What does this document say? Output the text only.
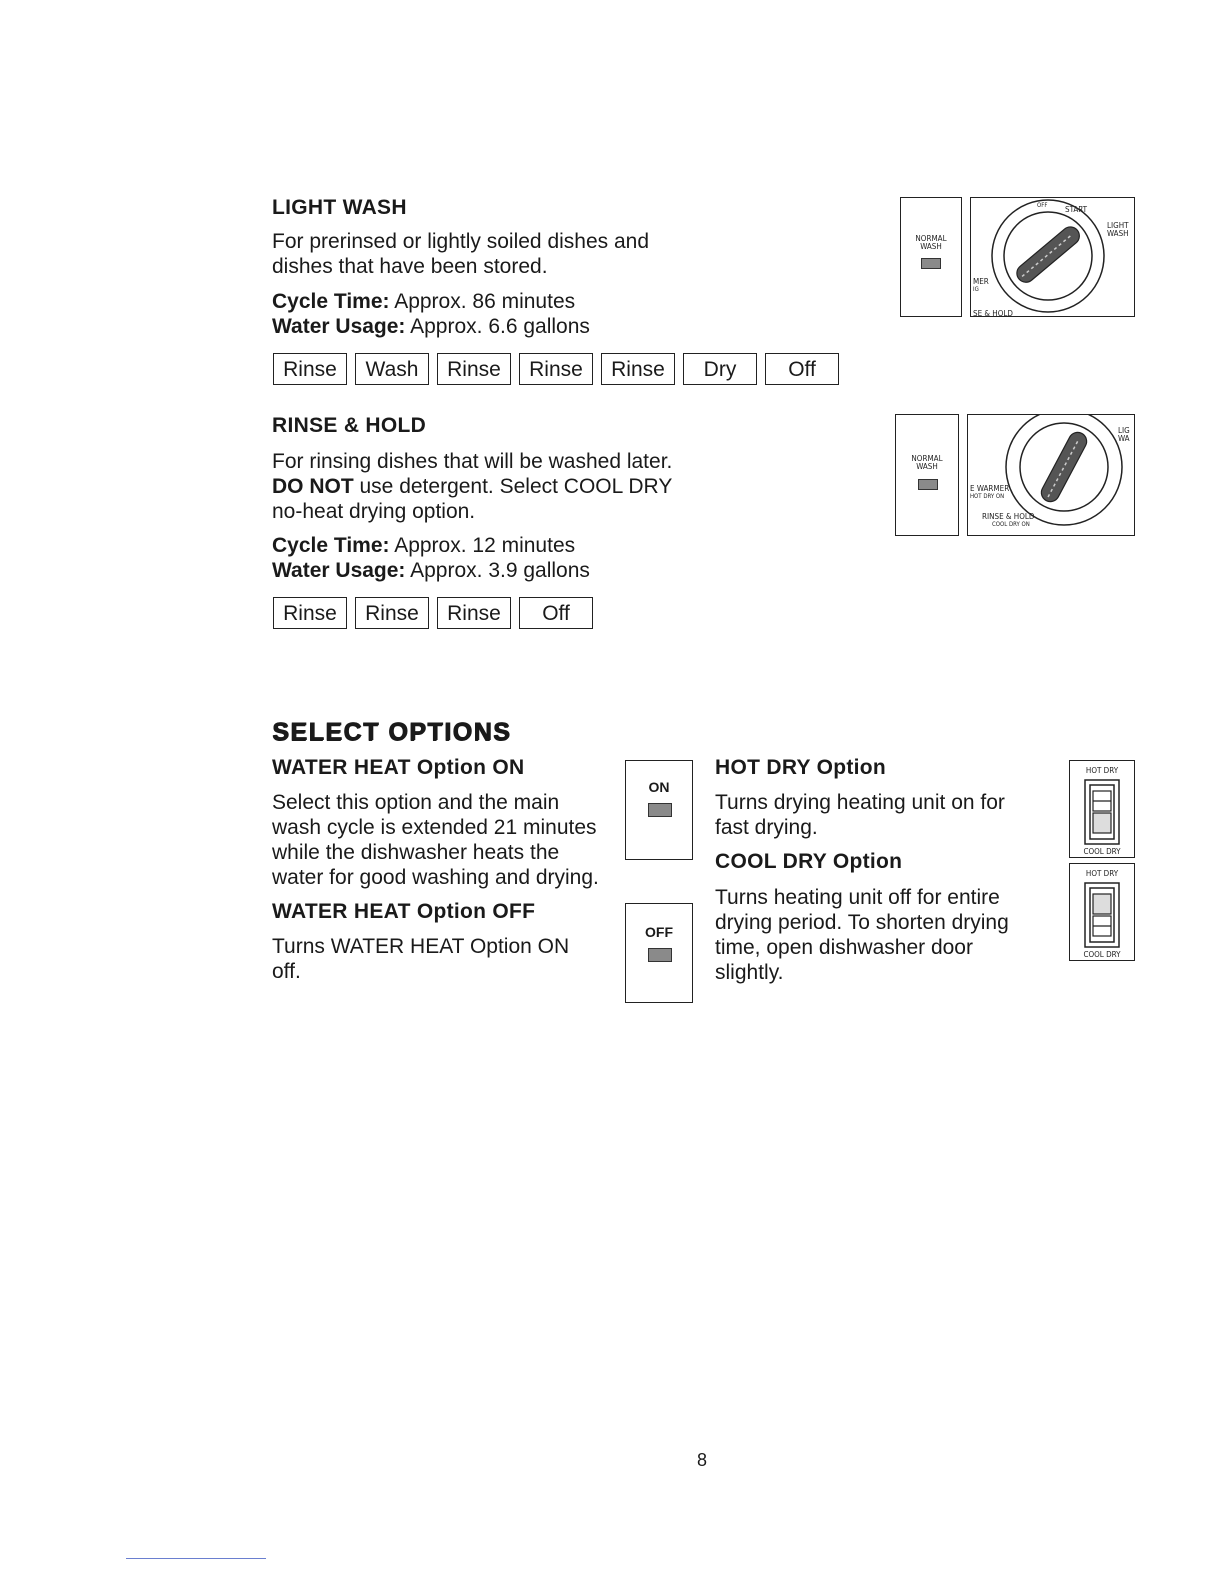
LIGHT WASH
For prerinsed or lightly soiled dishes and
dishes that have been stored.
Cycle Time: Approx. 86 minutes
Water Usage: Approx. 6.6 gallons
Rinse	Wash	Rinse	Rinse	Rinse	Dry	Off
NORMAL
WASH
OFF START
LIGHT
WASH
MER
IG
SE & HOLD
RINSE & HOLD
For rinsing dishes that will be washed later.
DO NOT use detergent. Select COOL DRY
no-heat drying option.
Cycle Time: Approx. 12 minutes
Water Usage: Approx. 3.9 gallons
Rinse	Rinse	Rinse	Off
NORMAL
WASH
LIG
WA
E WARMER
HOT DRY ON
RINSE & HOLD
COOL DRY ON
SELECT OPTIONS
WATER HEAT Option ON
Select this option and the main
wash cycle is extended 21 minutes
while the dishwasher heats the
water for good washing and drying.
ON
WATER HEAT Option OFF
Turns WATER HEAT Option ON
off.
OFF
HOT DRY Option
Turns drying heating unit on for
fast drying.
COOL DRY Option
Turns heating unit off for entire
drying period. To shorten drying
time, open dishwasher door
slightly.
HOT DRY
COOL DRY
HOT DRY
COOL DRY
8
